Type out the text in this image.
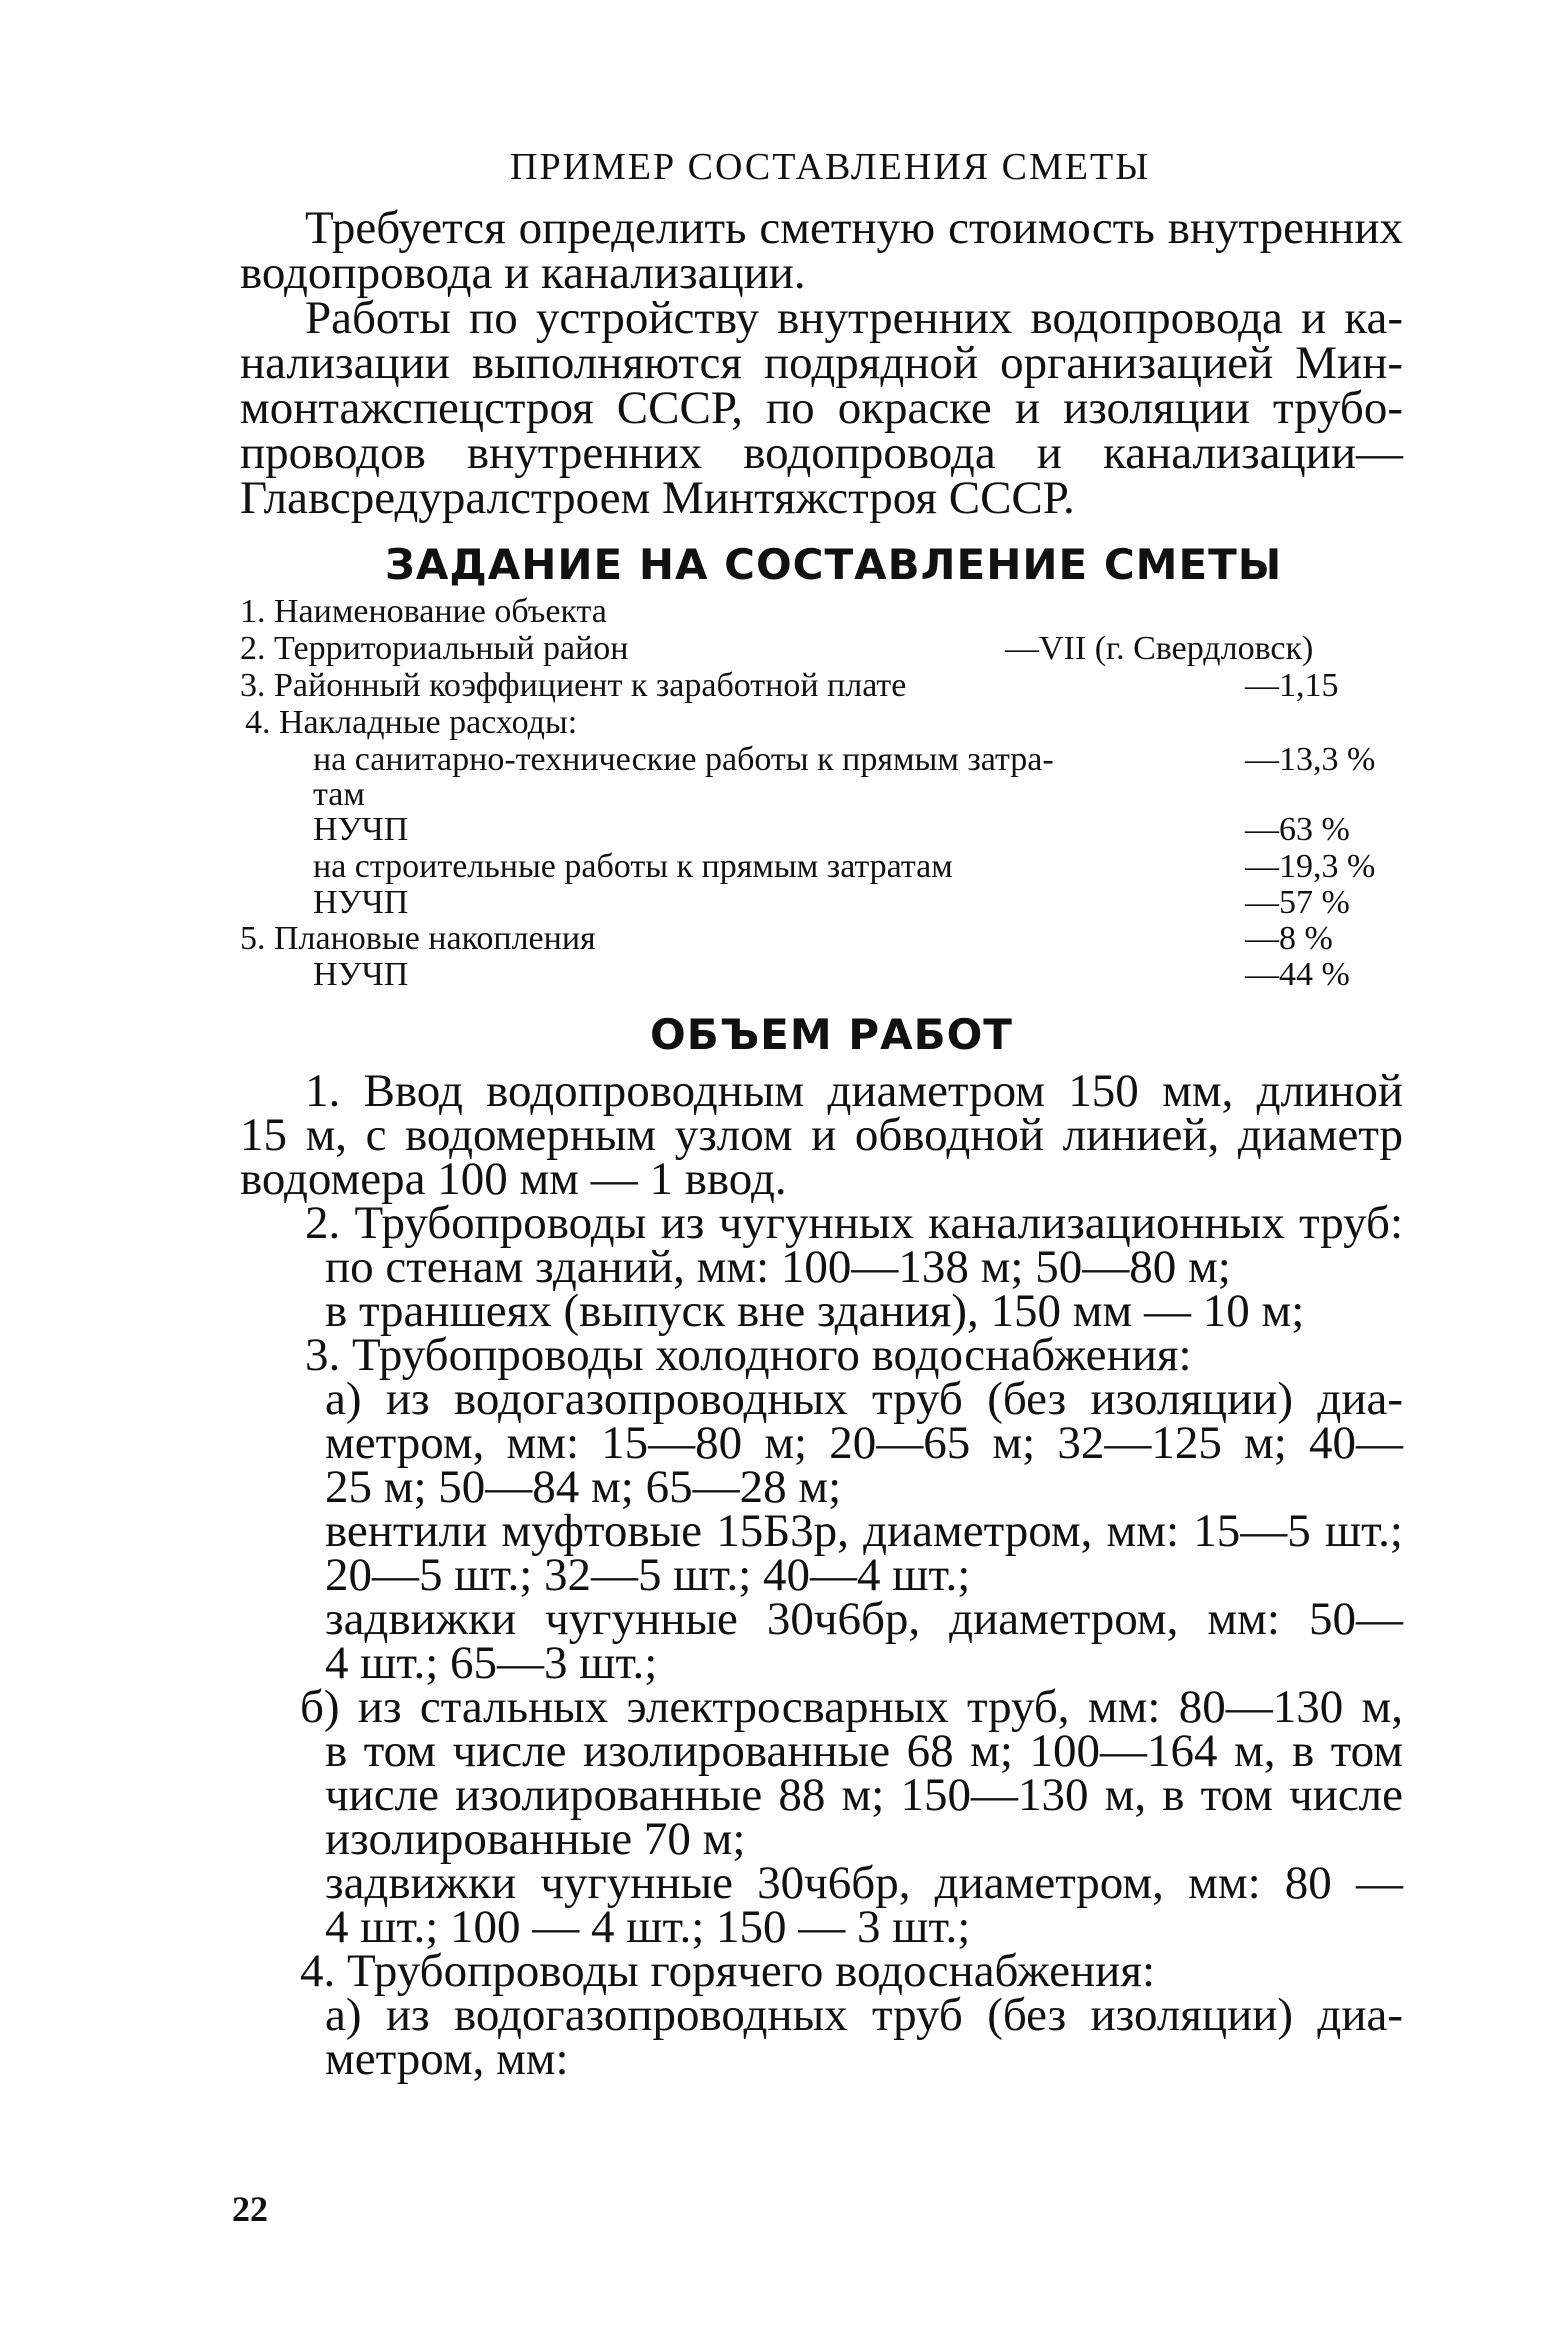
ПРИМЕР СОСТАВЛЕНИЯ СМЕТЫ

Требуется определить сметную стоимость внутренних

водопровода и канализации.

Работы по устройству внутренних водопровода и ка-

нализации выполняются подрядной организацией Мин-

монтажспецстроя СССР, по окраске и изоляции трубо-

проводов внутренних водопровода и канализации—

Главсредуралстроем Минтяжстроя СССР.

ЗАДАНИЕ НА СОСТАВЛЕНИЕ СМЕТЫ

1. Наименование объекта

2. Территориальный район	—VII (г. Свердловск)

3. Районный коэффициент к заработной плате	—1,15

4. Накладные расходы:

на санитарно-технические работы к прямым затра-	—13,3 %

там

НУЧП	—63 %

на строительные работы к прямым затратам	—19,3 %

НУЧП	—57 %

5. Плановые накопления	—8 %

НУЧП	—44 %

ОБЪЕМ РАБОТ

1. Ввод водопроводным диаметром 150 мм, длиной

15 м, с водомерным узлом и обводной линией, диаметр

водомера 100 мм — 1 ввод.

2. Трубопроводы из чугунных канализационных труб:

по стенам зданий, мм: 100—138 м; 50—80 м;

в траншеях (выпуск вне здания), 150 мм — 10 м;

3. Трубопроводы холодного водоснабжения:

а) из водогазопроводных труб (без изоляции) диа-

метром, мм: 15—80 м; 20—65 м; 32—125 м; 40—

25 м; 50—84 м; 65—28 м;

вентили муфтовые 15Б3р, диаметром, мм: 15—5 шт.;

20—5 шт.; 32—5 шт.; 40—4 шт.;

задвижки чугунные 30ч6бр, диаметром, мм: 50—

4 шт.; 65—3 шт.;

б) из стальных электросварных труб, мм: 80—130 м,

в том числе изолированные 68 м; 100—164 м, в том

числе изолированные 88 м; 150—130 м, в том числе

изолированные 70 м;

задвижки чугунные 30ч6бр, диаметром, мм: 80 —

4 шт.; 100 — 4 шт.; 150 — 3 шт.;

4. Трубопроводы горячего водоснабжения:

а) из водогазопроводных труб (без изоляции) диа-

метром, мм:

22
